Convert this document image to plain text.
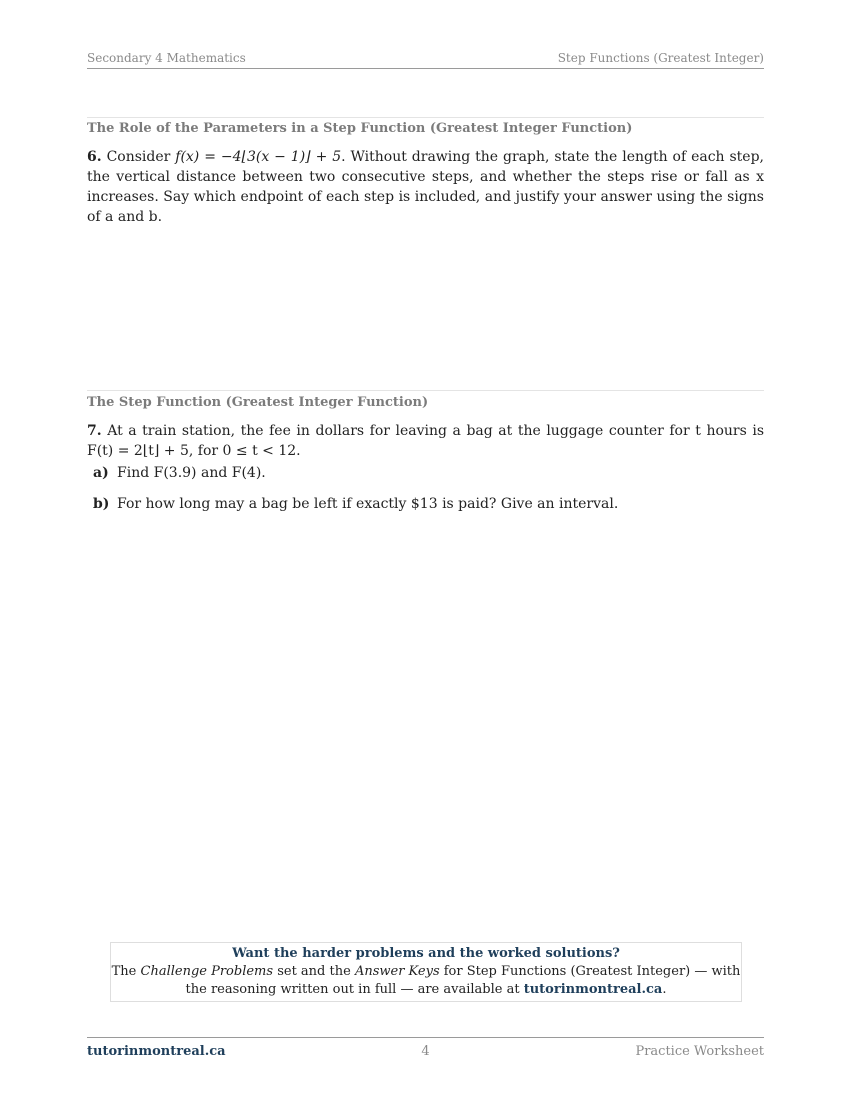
Secondary 4 Mathematics	Step Functions (Greatest Integer)
The Role of the Parameters in a Step Function (Greatest Integer Function)
6. Consider f(x) = −4⌊3(x − 1)⌋ + 5. Without drawing the graph, state the length of each step, the vertical distance between two consecutive steps, and whether the steps rise or fall as x increases. Say which endpoint of each step is included, and justify your answer using the signs of a and b.
The Step Function (Greatest Integer Function)
7. At a train station, the fee in dollars for leaving a bag at the luggage counter for t hours is F(t) = 2⌊t⌋ + 5, for 0 ≤ t < 12.
a) Find F(3.9) and F(4).
b) For how long may a bag be left if exactly $13 is paid? Give an interval.
Want the harder problems and the worked solutions?
The Challenge Problems set and the Answer Keys for Step Functions (Greatest Integer) — with the reasoning written out in full — are available at tutorinmontreal.ca.
tutorinmontreal.ca	4	Practice Worksheet
